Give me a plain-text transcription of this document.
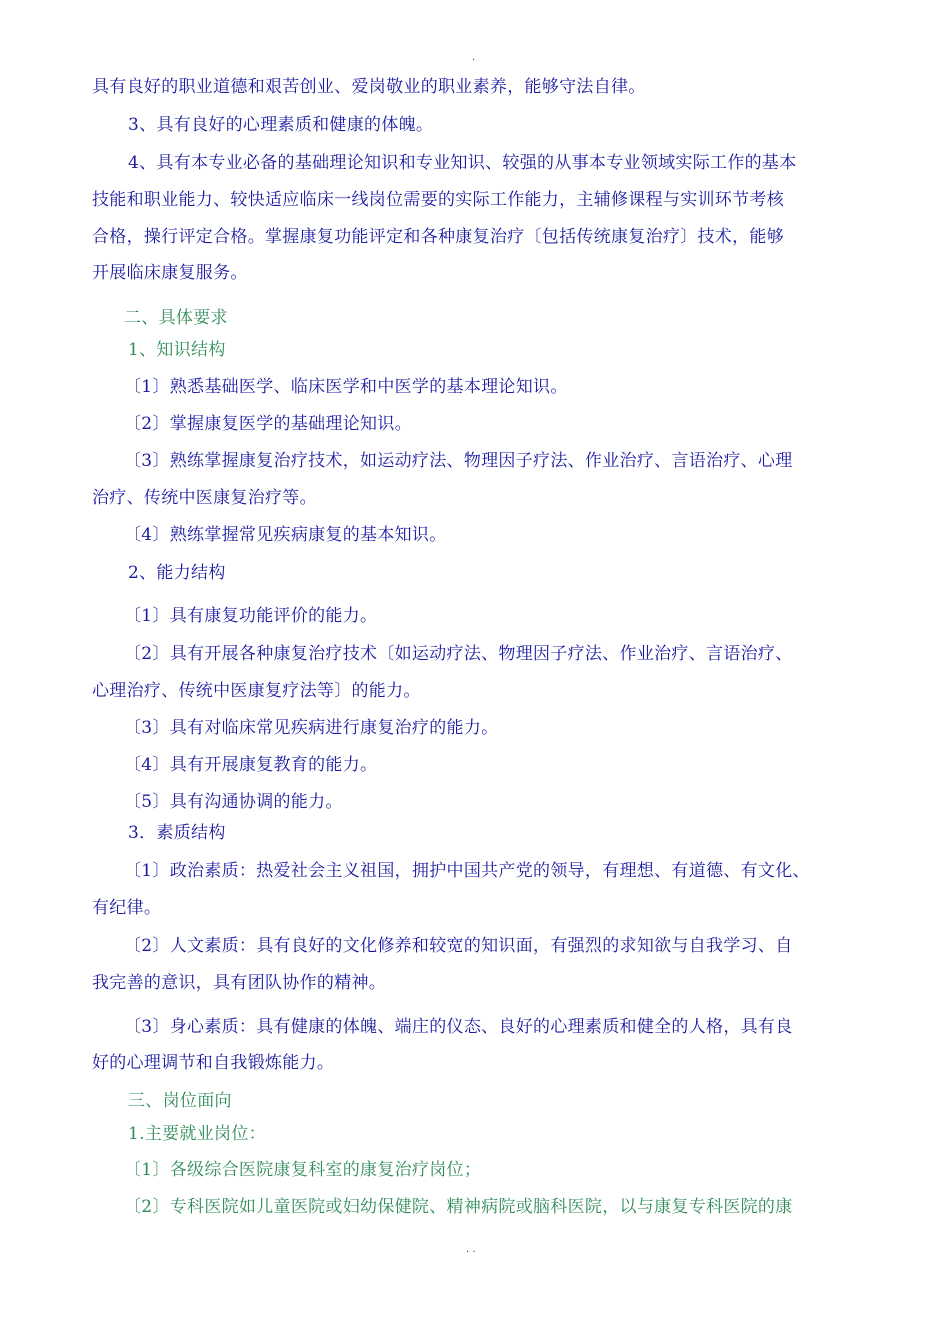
.
具有良好的职业道德和艰苦创业、爱岗敬业的职业素养，能够守法自律。
3、具有良好的心理素质和健康的体魄。
4、具有本专业必备的基础理论知识和专业知识、较强的从事本专业领域实际工作的基本
技能和职业能力、较快适应临床一线岗位需要的实际工作能力，主辅修课程与实训环节考核
合格，操行评定合格。掌握康复功能评定和各种康复治疗〔包括传统康复治疗〕技术，能够
开展临床康复服务。
二、具体要求
1、知识结构
〔1〕熟悉基础医学、临床医学和中医学的基本理论知识。
〔2〕掌握康复医学的基础理论知识。
〔3〕熟练掌握康复治疗技术，如运动疗法、物理因子疗法、作业治疗、言语治疗、心理
治疗、传统中医康复治疗等。
〔4〕熟练掌握常见疾病康复的基本知识。
2、能力结构
〔1〕具有康复功能评价的能力。
〔2〕具有开展各种康复治疗技术〔如运动疗法、物理因子疗法、作业治疗、言语治疗、
心理治疗、传统中医康复疗法等〕的能力。
〔3〕具有对临床常见疾病进行康复治疗的能力。
〔4〕具有开展康复教育的能力。
〔5〕具有沟通协调的能力。
3．素质结构
〔1〕政治素质：热爱社会主义祖国，拥护中国共产党的领导，有理想、有道德、有文化、
有纪律。
〔2〕人文素质：具有良好的文化修养和较宽的知识面，有强烈的求知欲与自我学习、自
我完善的意识，具有团队协作的精神。
〔3〕身心素质：具有健康的体魄、端庄的仪态、良好的心理素质和健全的人格，具有良
好的心理调节和自我锻炼能力。
三、岗位面向
1.主要就业岗位：
〔1〕各级综合医院康复科室的康复治疗岗位；
〔2〕专科医院如儿童医院或妇幼保健院、精神病院或脑科医院，以与康复专科医院的康
. .
